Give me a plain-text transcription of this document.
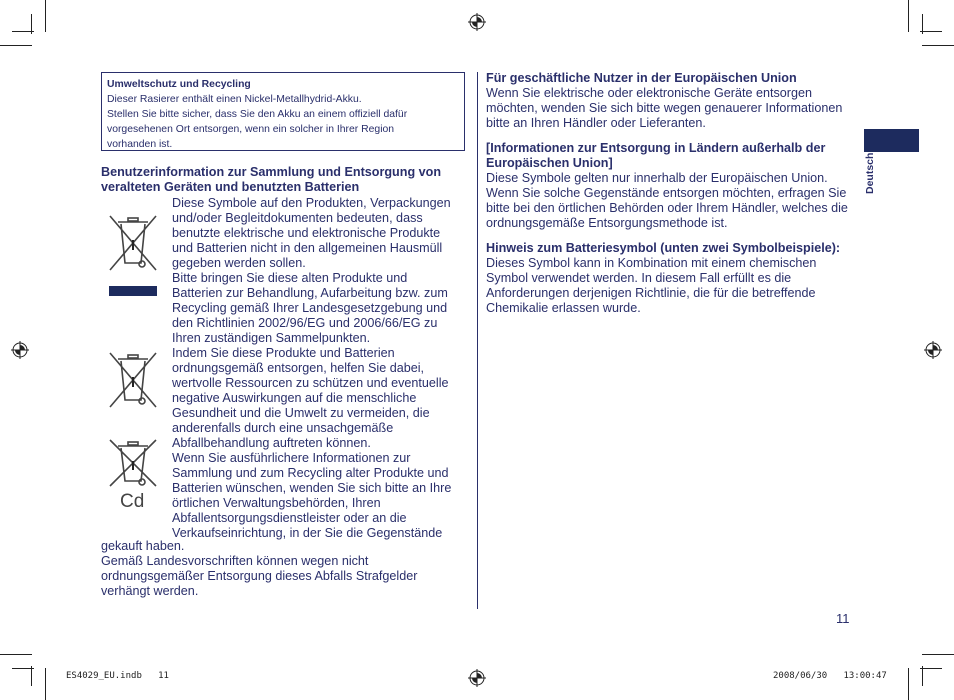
Umweltschutz und Recycling
Dieser Rasierer enthält einen Nickel-Metallhydrid-Akku.
Stellen Sie bitte sicher, dass Sie den Akku an einem offiziell dafür
vorgesehenen Ort entsorgen, wenn ein solcher in Ihrer Region
vorhanden ist.
Benutzerinformation zur Sammlung und Entsorgung von veralteten Geräten und benutzten Batterien
Cd
Diese Symbole auf den Produkten, Verpackungen
und/oder Begleitdokumenten bedeuten, dass
benutzte elektrische und elektronische Produkte
und Batterien nicht in den allgemeinen Hausmüll
gegeben werden sollen.
Bitte bringen Sie diese alten Produkte und
Batterien zur Behandlung, Aufarbeitung bzw. zum
Recycling gemäß Ihrer Landesgesetzgebung und
den Richtlinien 2002/96/EG und 2006/66/EG zu
Ihren zuständigen Sammelpunkten.
Indem Sie diese Produkte und Batterien
ordnungsgemäß entsorgen, helfen Sie dabei,
wertvolle Ressourcen zu schützen und eventuelle
negative Auswirkungen auf die menschliche
Gesundheit und die Umwelt zu vermeiden, die
anderenfalls durch eine unsachgemäße
Abfallbehandlung auftreten können.
Wenn Sie ausführlichere Informationen zur
Sammlung und zum Recycling alter Produkte und
Batterien wünschen, wenden Sie sich bitte an Ihre
örtlichen Verwaltungsbehörden, Ihren
Abfallentsorgungsdienstleister oder an die
Verkaufseinrichtung, in der Sie die Gegenstände
gekauft haben.
Gemäß Landesvorschriften können wegen nicht
ordnungsgemäßer Entsorgung dieses Abfalls Strafgelder
verhängt werden.
Für geschäftliche Nutzer in der Europäischen Union
Wenn Sie elektrische oder elektronische Geräte entsorgen möchten, wenden Sie sich bitte wegen genauerer Informationen bitte an Ihren Händler oder Lieferanten.
[Informationen zur Entsorgung in Ländern außerhalb der Europäischen Union]
Diese Symbole gelten nur innerhalb der Europäischen Union. Wenn Sie solche Gegenstände entsorgen möchten, erfragen Sie bitte bei den örtlichen Behörden oder Ihrem Händler, welches die ordnungsgemäße Entsorgungsmethode ist.
Hinweis zum Batteriesymbol (unten zwei Symbolbeispiele):
Dieses Symbol kann in Kombination mit einem chemischen Symbol verwendet werden. In diesem Fall erfüllt es die Anforderungen derjenigen Richtlinie, die für die betreffende Chemikalie erlassen wurde.
Deutsch
11
ES4029_EU.indb   11	2008/06/30   13:00:47
